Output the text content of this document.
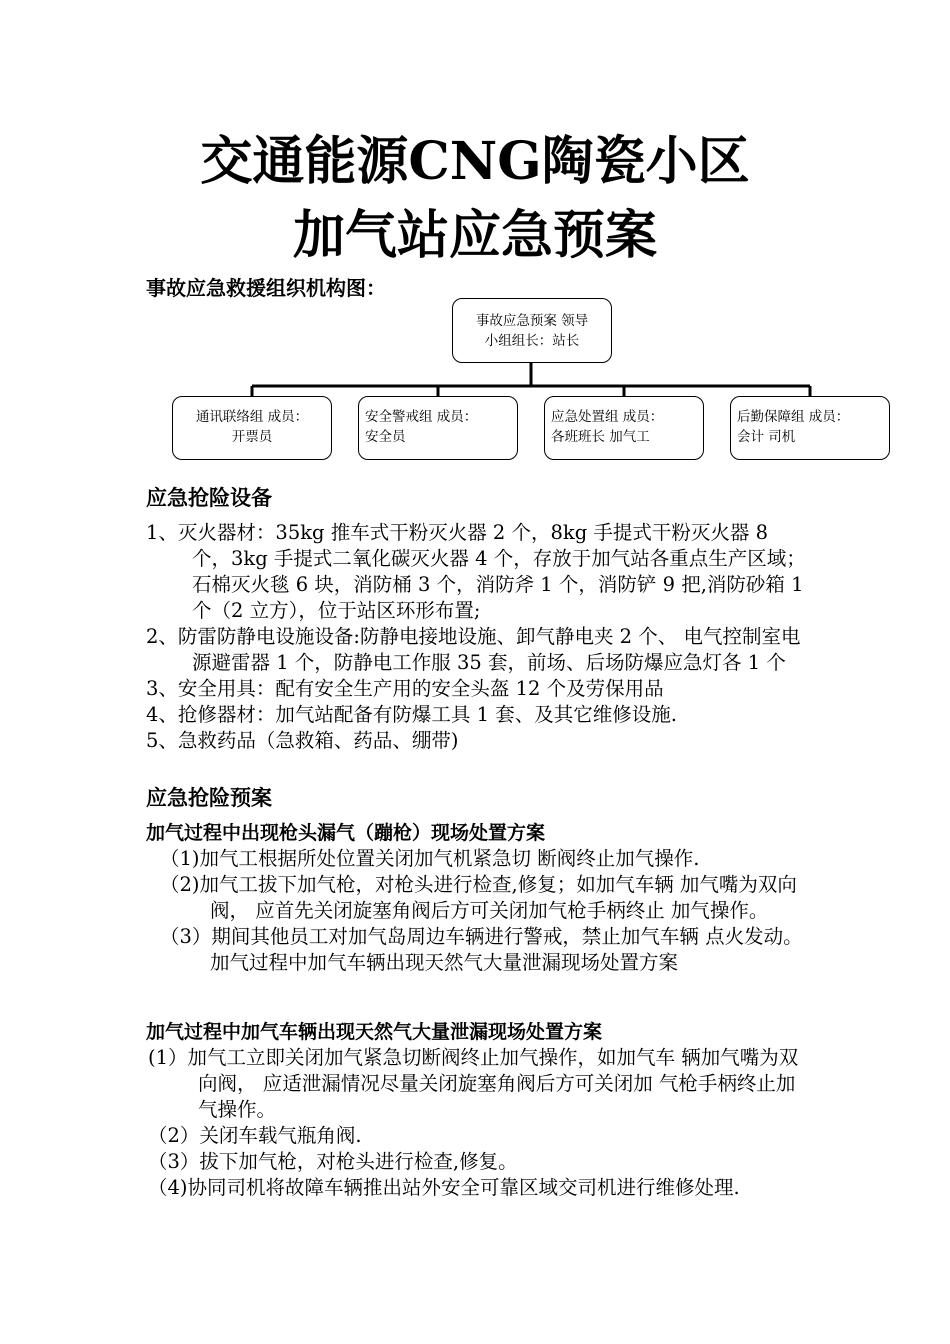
交通能源CNG陶瓷小区
加气站应急预案

事故应急救援组织机构图：

事故应急预案 领导
小组组长：站长
通讯联络组 成员：
开票员
安全警戒组 成员：
安全员
应急处置组 成员：
各班班长 加气工
后勤保障组 成员：
会计 司机
应急抢险设备
1、灭火器材：35kg 推车式干粉灭火器 2 个，8kg 手提式干粉灭火器 8 个，3kg 手提式二氧化碳灭火器 4 个，存放于加气站各重点生产区域；石棉灭火毯 6 块，消防桶 3 个，消防斧 1 个，消防铲 9 把,消防砂箱 1 个（2 立方），位于站区环形布置;
2、防雷防静电设施设备:防静电接地设施、卸气静电夹 2 个、 电气控制室电源避雷器 1 个，防静电工作服 35 套，前场、后场防爆应急灯各 1 个
3、安全用具：配有安全生产用的安全头盔 12 个及劳保用品
4、抢修器材：加气站配备有防爆工具 1 套、及其它维修设施.
5、急救药品（急救箱、药品、绷带)
应急抢险预案
加气过程中出现枪头漏气（蹦枪）现场处置方案
（1)加气工根据所处位置关闭加气机紧急切 断阀终止加气操作.
（2)加气工拔下加气枪，对枪头进行检查,修复；如加气车辆 加气嘴为双向阀， 应首先关闭旋塞角阀后方可关闭加气枪手柄终止 加气操作。
（3）期间其他员工对加气岛周边车辆进行警戒，禁止加气车辆 点火发动。 加气过程中加气车辆出现天然气大量泄漏现场处置方案
加气过程中加气车辆出现天然气大量泄漏现场处置方案
(1）加气工立即关闭加气紧急切断阀终止加气操作，如加气车 辆加气嘴为双向阀， 应适泄漏情况尽量关闭旋塞角阀后方可关闭加 气枪手柄终止加气操作。
（2）关闭车载气瓶角阀.
（3）拔下加气枪，对枪头进行检查,修复。
（4)协同司机将故障车辆推出站外安全可靠区域交司机进行维修处理.
